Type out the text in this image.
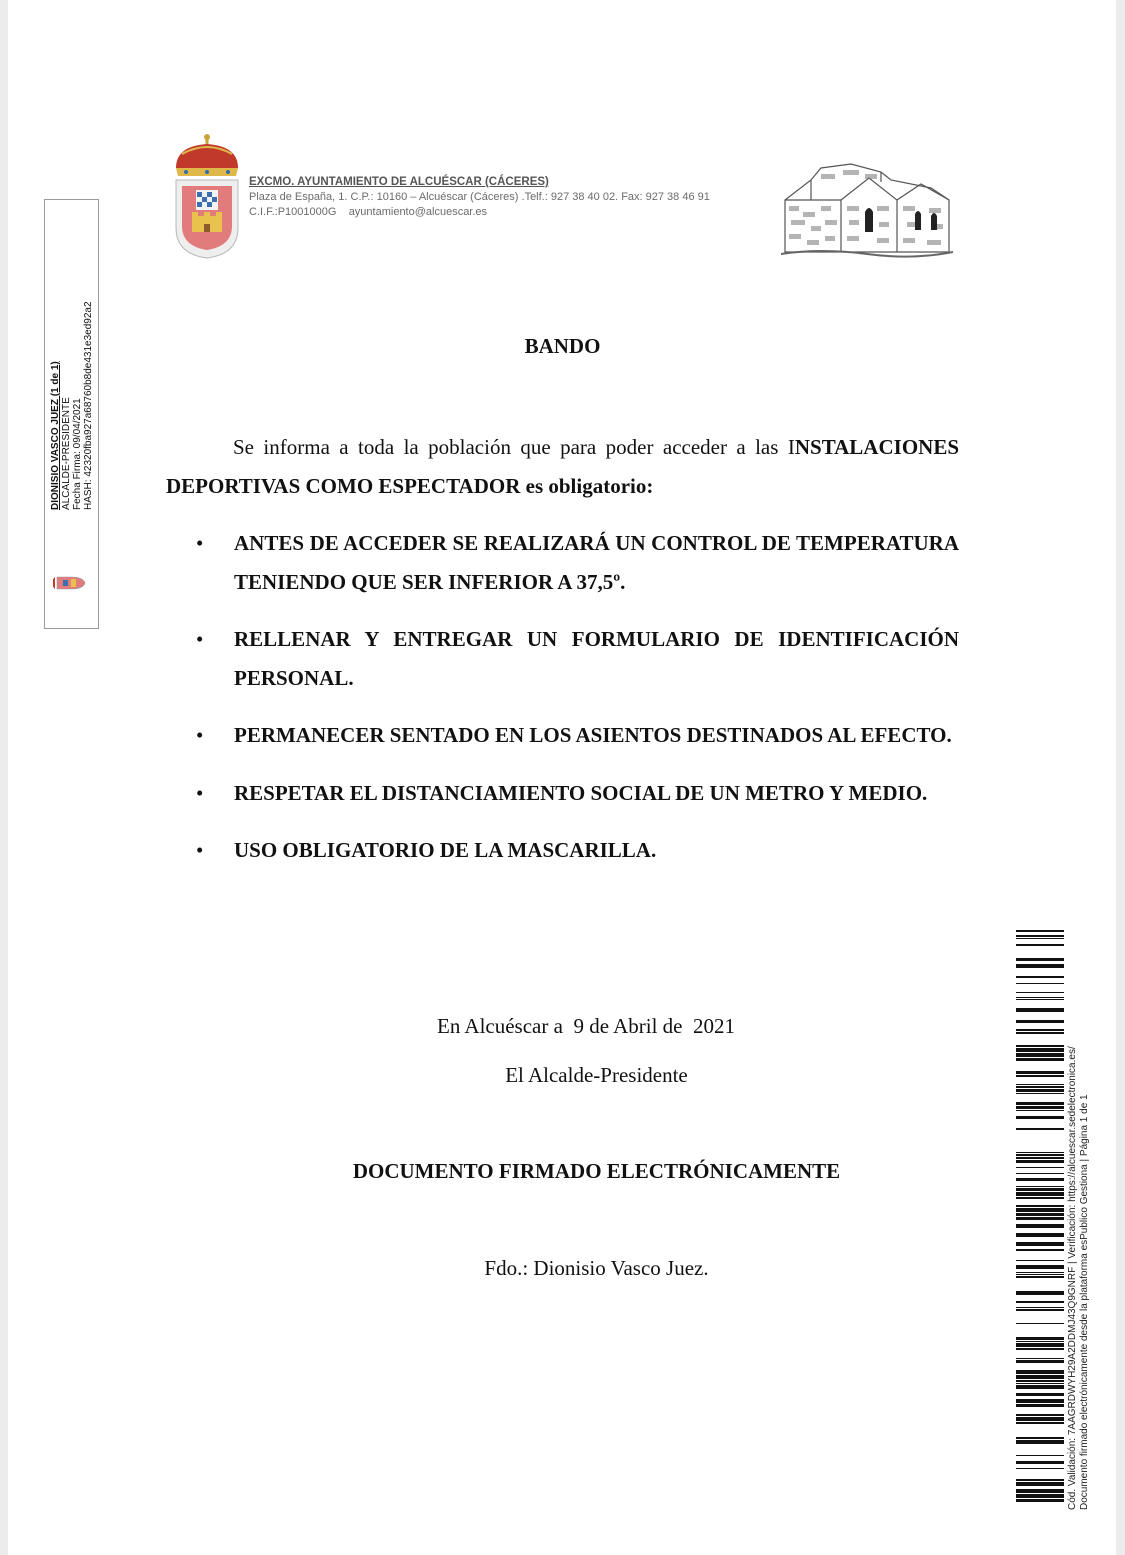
EXCMO. AYUNTAMIENTO DE ALCUÉSCAR (CÁCERES)
Plaza de España, 1. C.P.: 10160 – Alcuéscar (Cáceres) .Telf.: 927 38 40 02. Fax: 927 38 46 91
C.I.F.:P1001000G ayuntamiento@alcuescar.es
DIONISIO VASCO JUEZ (1 de 1) ALCALDE-PRESIDENTE Fecha Firma: 09/04/2021 HASH: 42320fba927a68760b8de431e3ed92a2	BANDO
Se informa a toda la población que para poder acceder a las INSTALACIONES DEPORTIVAS COMO ESPECTADOR es obligatorio:
• ANTES DE ACCEDER SE REALIZARÁ UN CONTROL DE TEMPERATURA TENIENDO QUE SER INFERIOR A 37,5º.
• RELLENAR Y ENTREGAR UN FORMULARIO DE IDENTIFICACIÓN PERSONAL.
• PERMANECER SENTADO EN LOS ASIENTOS DESTINADOS AL EFECTO.
• RESPETAR EL DISTANCIAMIENTO SOCIAL DE UN METRO Y MEDIO.
• USO OBLIGATORIO DE LA MASCARILLA.
En Alcuéscar a  9 de Abril de  2021
El Alcalde-Presidente
DOCUMENTO FIRMADO ELECTRÓNICAMENTE
Fdo.: Dionisio Vasco Juez.	Cód. Validación: 7AAGRDWYH29A2DDMJ43Q9GNRF | Verificación: https://alcuescar.sedelectronica.es/ Documento firmado electrónicamente desde la plataforma esPublico Gestiona | Página 1 de 1
